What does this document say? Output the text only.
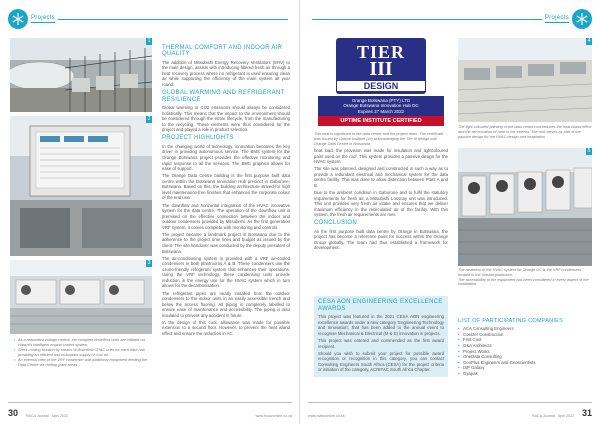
Projects
1
2
3
• As a redundant voltage control, the complete downflow units are inflated via Hitachi's intelligent engine control system.
• Sleek cooling solution by means of downflow CRAC units for each data hall, providing an efficient and redundant supply of cool air.
• An external view of the VRF condenser and additional equipment feeding the Data Centre via rooftop plant areas.
THERMAL COMFORT AND INDOOR AIR QUALITY

The addition of Mitsubishi Energy Recovery Ventilators (ERV) to the main design, assists with introducing filtered fresh air through a heat recovery process where no refrigerant is used ensuring clean air while supporting the efficiency of the main system all year round.

GLOBAL WARMING AND REFRIGERANT RESILIENCE

Global warming or CO2 emissions should always be considered holistically. This means that the impact to the environment should be considered through the entire lifecycle, from the manufacturing to the recycling. These elements were thus considered for the project and played a role in product selection.

PROJECT HIGHLIGHTS

In the changing world of technology, innovation becomes the key driver in providing autonomous service. The BMS system for the Orange Botswana project provides the effective monitoring and rapid response to all the services. The BMS graphics allows for ease of support.

The Orange Data Centre building is the first purpose built data centre within the Botswana Innovation Hub precinct in Gaborone, Botswana. Based on this, the building architecture strived for high level maintenance-free finishes that enhances the corporate colour of the end user.

The downflow and horizontal integration of the HVAC innovative system for the data centre. The operation of the downflow unit is premised on the effective connection between the indoor and outdoor condensers provided by Mitsubishi. As the first generation VRF system, it comes complete with monitoring and controls.

The project became a landmark project in Botswana due to the adherence to the project time lines and budget as issued by the client. The site handover was conducted by the deputy president of Botswana.

The air-conditioning system is provided with a VRF air-cooled condensers in both plantrooms A & B. These condensers use the ozone-friendly refrigerant system that enhances their operations. Using the VRF technology, these condensing units provide reduction in the energy use for the HVAC system which in turn allows for the decarbonisation.

The refrigerant pipes are neatly installed from the outdoor condensers to the indoor units in an easily accessible trench and below the access flooring. All piping is completely labelled to ensure ease of maintenance and accessibility. The piping is also insulated to prevent any accident in future.

In the design of this cool, allowance was made for possible extension to a second floor. However, to prevent the heat island effect and ensure the reduction in AC

30 RACA Journal April 2022	www.hvacronline.co.za
Projects
TIER
III
DESIGN
Orange Botswana (PTY) LTD
Orange Botswana Innovation Hub DC
Expires 27 March 2022
UPTIME INSTITUTE CERTIFIED
This seal is significant to the data centre and the project team. The certificate was issued by Uptime Institute (UI) acknowledging the Tier III design with Orange Data Centre in Botswana.
4
The light-coloured painting of the data centre roof reduces the heat island effect and the recirculation of heat to the exterior. The roof serves as part of the passive design for the HVAC design and installation.
5
The neatness of the HVAC system for Orange DC is the VRF condensers located in the outside plantroom.
The accessibility of the equipment has been considered in every aspect of the installation.
LIST OF PARTICIPATING COMPANIES
• ACA Consulting Engineers
• Coetzer Construction
• First Cool
• G&A Architects
• Project Works
• OneData Consulting
• GeoPlus Engineers and Geoscientists
• ISP Galaxy
• Gyapak

heat load, the provision was made for insulation and lightcoloured paint used on the roof. This system provides a passive design for the HVAC system.

The site was planned, designed and constructed in such a way as to provide a redundant electrical and mechanical system for the data centre facility. This was done to allow distinction between Plant A and B.

Due to the ambient condition in Gaborone and to fulfil the statutory requirements for fresh air, a Mitsubishi Lossnay unit was introduced. This unit provides very fresh air intake and ensures that we deliver maximum efficiency in the recirculated air of the facility. With this system, the fresh air requirements are met.

CONCLUSION

As the first purpose built data centre by Orange in Botswana, the project has become a reference point for success within the Orange Group globally. The team had thus established a framework for development.

CESA AON ENGINEERING EXCELLENCE AWARDS

This project was featured in the 2021 CESA AON engineering excellence awards under a new category 'Engineering Technology and Innovation', that has been added to the annual event to recognise Mechanical & Electrical (M & E) innovation in projects.

This project was entered and commended as the first award recipient.

Should you wish to submit your project for possible award recognition or recognition in this category, you can contact Consulting Engineers South Africa (CESA) for the project criteria or initiation of the category, ACRIFAC South Africa Chapter.

www.hvacronline.co.za	RACA Journal April 2022 31
